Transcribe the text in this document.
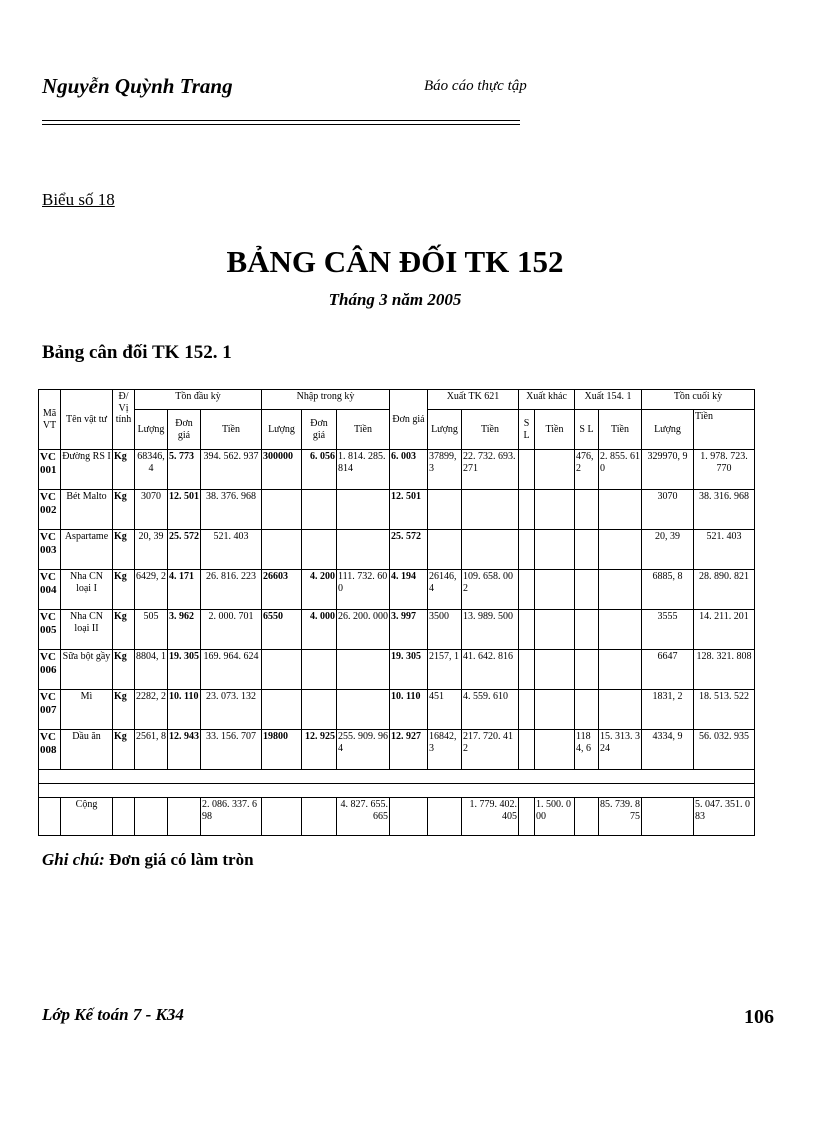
Nguyễn Quỳnh Trang	Báo cáo thực tập
Biểu số 18
BẢNG CÂN ĐỐI TK 152
Tháng 3 năm 2005
Bảng cân đối TK 152. 1
Mã VT	Tên vật tư	Đ/ Vị tính	Tồn đầu kỳ			Nhập trong kỳ			Đơn giá	Xuất TK 621		Xuất khác		Xuất 154. 1		Tồn cuối kỳ	
			Lượng	Đơn giá	Tiền	Lượng	Đơn giá	Tiền		Lượng	Tiền	S L	Tiền	S L	Tiền	Lượng	Tiền
VC 001	Đường RS I	Kg	68346, 4	5. 773	394. 562. 937	300000	6. 056	1. 814. 285. 814	6. 003	37899, 3	22. 732. 693. 271			476, 2	2. 855. 610	329970, 9	1. 978. 723. 770
VC 002	Bét Malto	Kg	3070	12. 501	38. 376. 968				12. 501							3070	38. 316. 968
VC 003	Aspartame	Kg	20, 39	25. 572	521. 403				25. 572							20, 39	521. 403
VC 004	Nha CN loại I	Kg	6429, 2	4. 171	26. 816. 223	26603	4. 200	111. 732. 600	4. 194	26146, 4	109. 658. 002					6885, 8	28. 890. 821
VC 005	Nha CN loại II	Kg	505	3. 962	2. 000. 701	6550	4. 000	26. 200. 000	3. 997	3500	13. 989. 500					3555	14. 211. 201
VC 006	Sữa bột gầy	Kg	8804, 1	19. 305	169. 964. 624				19. 305	2157, 1	41. 642. 816					6647	128. 321. 808
VC 007	Mì	Kg	2282, 2	10. 110	23. 073. 132				10. 110	451	4. 559. 610					1831, 2	18. 513. 522
VC 008	Dầu ăn	Kg	2561, 8	12. 943	33. 156. 707	19800	12. 925	255. 909. 964	12. 927	16842, 3	217. 720. 412			1184, 6	15. 313. 324	4334, 9	56. 032. 935

	Cộng				2. 086. 337. 698			4. 827. 655. 665			1. 779. 402. 405		1. 500. 000		85. 739. 875		5. 047. 351. 083
Ghi chú: Đơn giá có làm tròn
Lớp Kế toán 7 - K34	106
